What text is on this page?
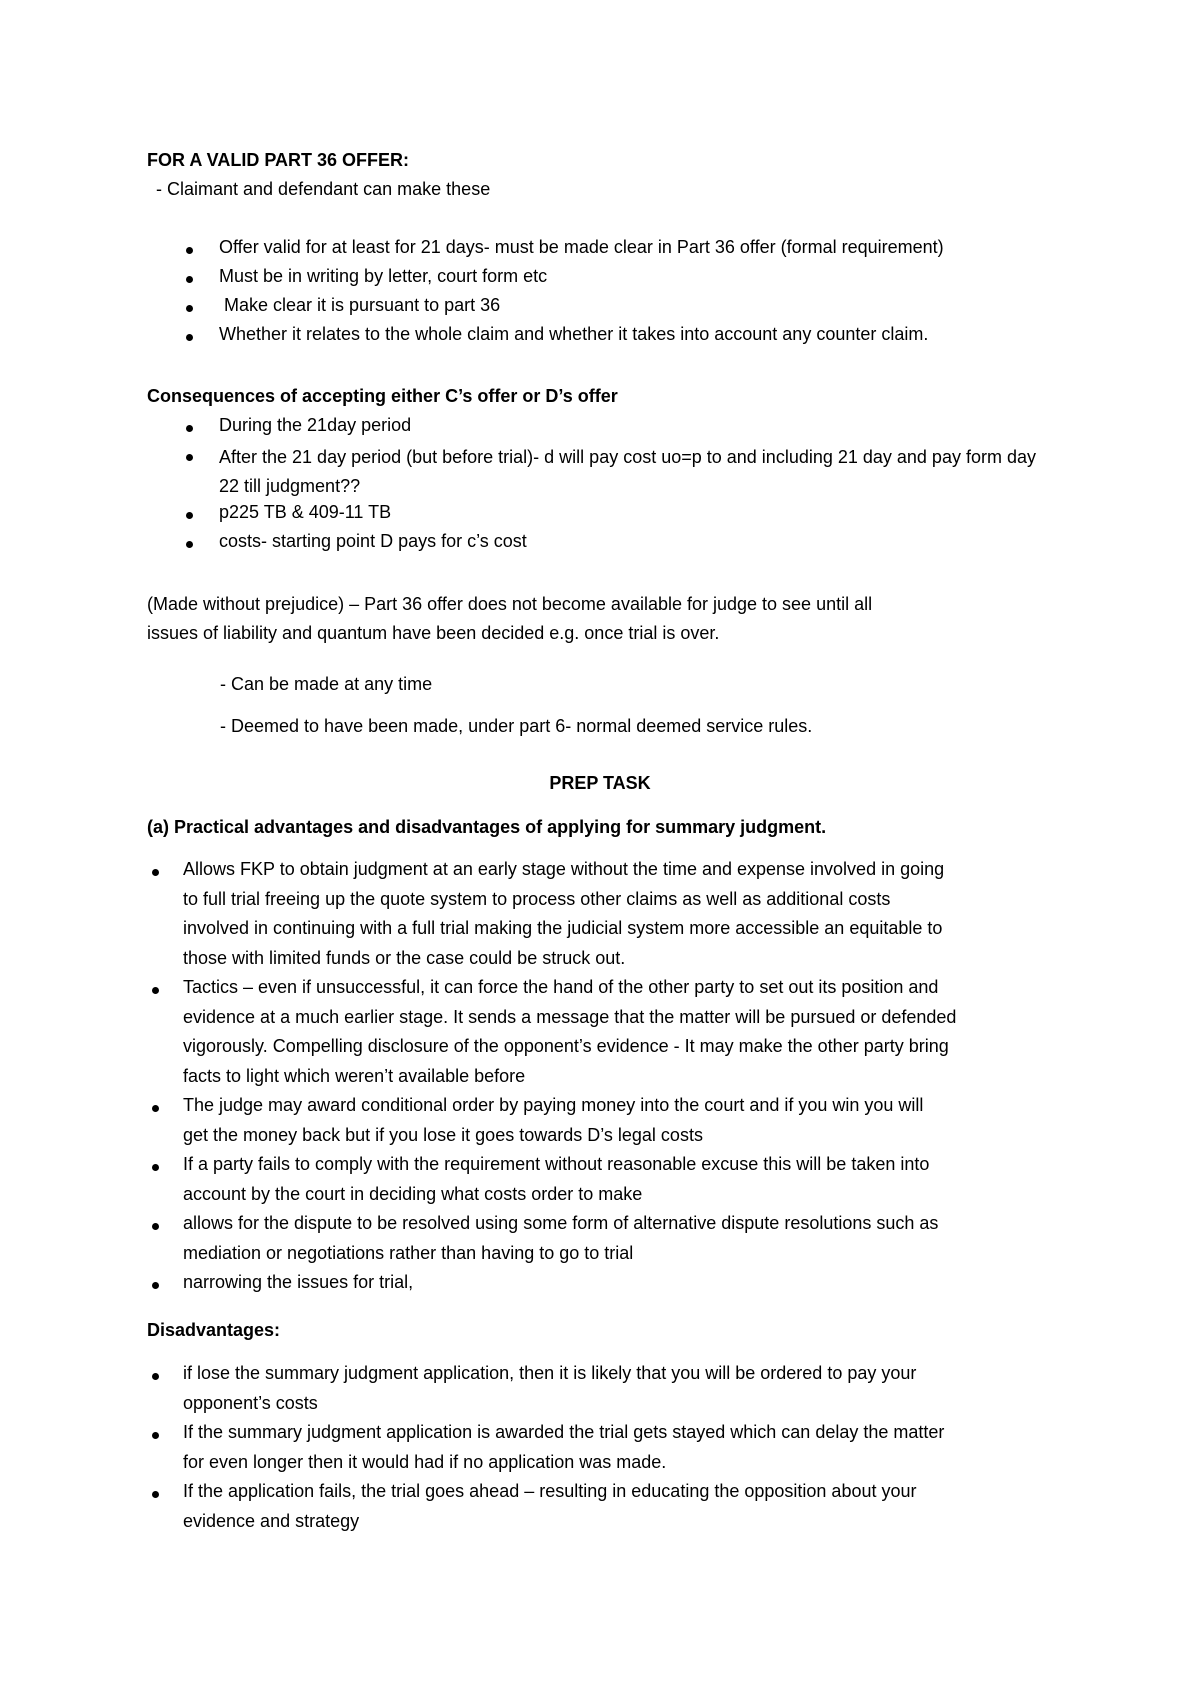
FOR A VALID PART 36 OFFER:
- Claimant and defendant can make these
Offer valid for at least for 21 days- must be made clear in Part 36 offer (formal requirement)
Must be in writing by letter, court form etc
Make clear it is pursuant to part 36
Whether it relates to the whole claim and whether it takes into account any counter claim.
Consequences of accepting either C’s offer or D’s offer
During the 21day period
After the 21 day period (but before trial)- d will pay cost uo=p to and including 21 day and pay form day 22 till judgment??
p225 TB & 409-11 TB
costs- starting point D pays for c’s cost
(Made without prejudice) – Part 36 offer does not become available for judge to see until all
issues of liability and quantum have been decided e.g. once trial is over.
- Can be made at any time
- Deemed to have been made, under part 6- normal deemed service rules.
PREP TASK
(a) Practical advantages and disadvantages of applying for summary judgment.
Allows FKP to obtain judgment at an early stage without the time and expense involved in going
to full trial freeing up the quote system to process other claims as well as additional costs
involved in continuing with a full trial making the judicial system more accessible an equitable to
those with limited funds or the case could be struck out.
Tactics – even if unsuccessful, it can force the hand of the other party to set out its position and
evidence at a much earlier stage. It sends a message that the matter will be pursued or defended
vigorously. Compelling disclosure of the opponent’s evidence - It may make the other party bring
facts to light which weren’t available before
The judge may award conditional order by paying money into the court and if you win you will
get the money back but if you lose it goes towards D’s legal costs
If a party fails to comply with the requirement without reasonable excuse this will be taken into
account by the court in deciding what costs order to make
allows for the dispute to be resolved using some form of alternative dispute resolutions such as
mediation or negotiations rather than having to go to trial
narrowing the issues for trial,
Disadvantages:
if lose the summary judgment application, then it is likely that you will be ordered to pay your
opponent’s costs
If the summary judgment application is awarded the trial gets stayed which can delay the matter
for even longer then it would had if no application was made.
If the application fails, the trial goes ahead – resulting in educating the opposition about your
evidence and strategy
